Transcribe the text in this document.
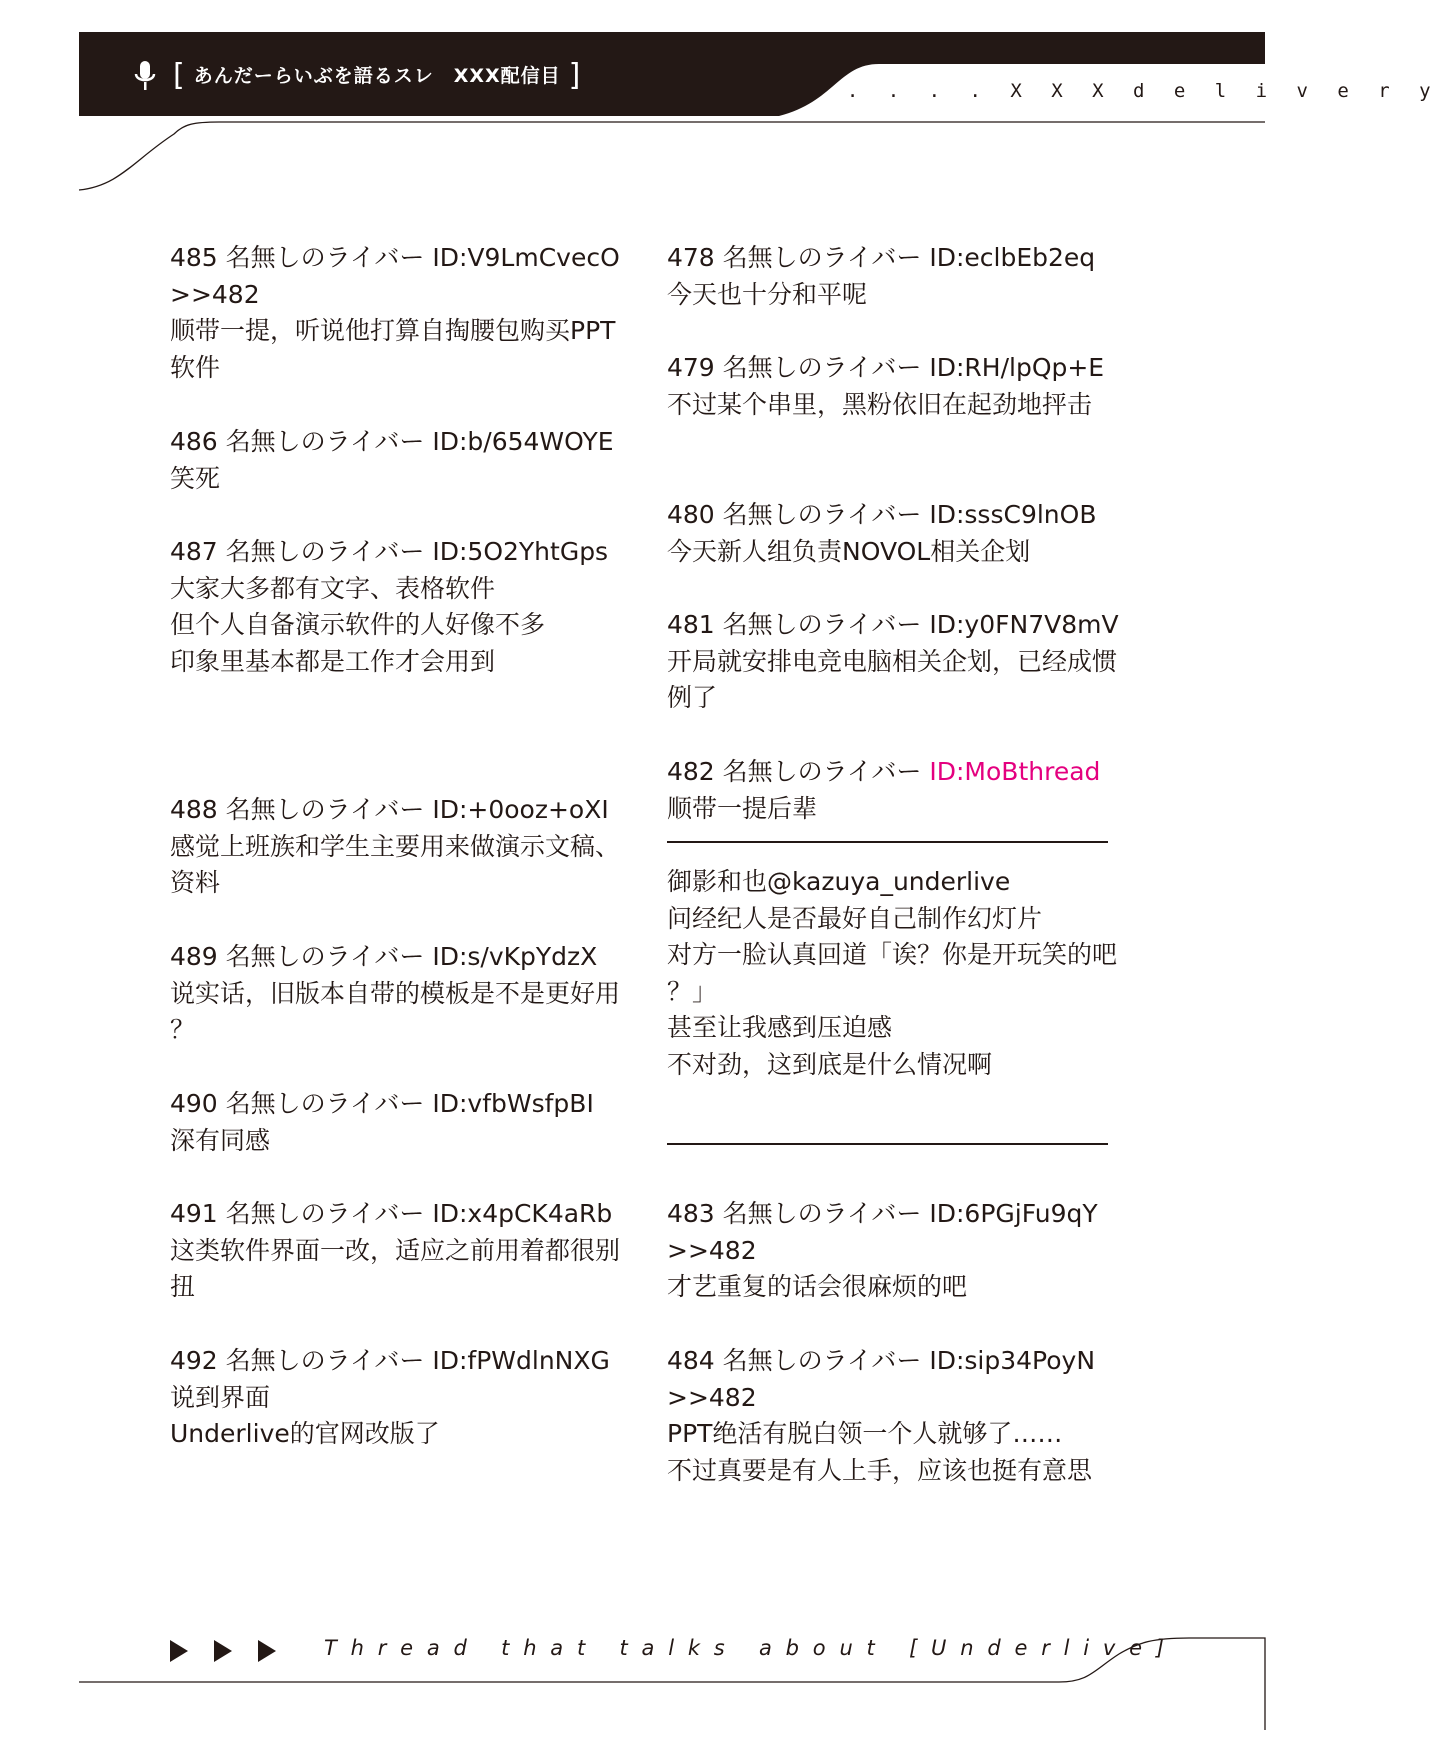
[ あんだーらいぶを語るスレ　XXX配信目 ]	. . . . . X X X d e l i v e r y
485 名無しのライバー ID:V9LmCvecO
>>482
顺带一提，听说他打算自掏腰包购买PPT
软件
486 名無しのライバー ID:b/654WOYE
笑死
487 名無しのライバー ID:5O2YhtGps
大家大多都有文字、表格软件
但个人自备演示软件的人好像不多
印象里基本都是工作才会用到
488 名無しのライバー ID:+0ooz+oXI
感觉上班族和学生主要用来做演示文稿、
资料
489 名無しのライバー ID:s/vKpYdzX
说实话，旧版本自带的模板是不是更好用
？
490 名無しのライバー ID:vfbWsfpBI
深有同感
491 名無しのライバー ID:x4pCK4aRb
这类软件界面一改，适应之前用着都很别
扭
492 名無しのライバー ID:fPWdlnNXG
说到界面
Underlive的官网改版了
478 名無しのライバー ID:eclbEb2eq
今天也十分和平呢
479 名無しのライバー ID:RH/lpQp+E
不过某个串里，黑粉依旧在起劲地抨击
480 名無しのライバー ID:sssC9lnOB
今天新人组负责NOVOL相关企划
481 名無しのライバー ID:y0FN7V8mV
开局就安排电竞电脑相关企划，已经成惯
例了
482 名無しのライバー ID:MoBthread
顺带一提后辈
御影和也@kazuya_underlive
问经纪人是否最好自己制作幻灯片
对方一脸认真回道「诶？你是开玩笑的吧
？」
甚至让我感到压迫感
不对劲，这到底是什么情况啊
483 名無しのライバー ID:6PGjFu9qY
>>482
才艺重复的话会很麻烦的吧
484 名無しのライバー ID:sip34PoyN
>>482
PPT绝活有脱白领一个人就够了……
不过真要是有人上手，应该也挺有意思
Thread that talks about [Underlive]
